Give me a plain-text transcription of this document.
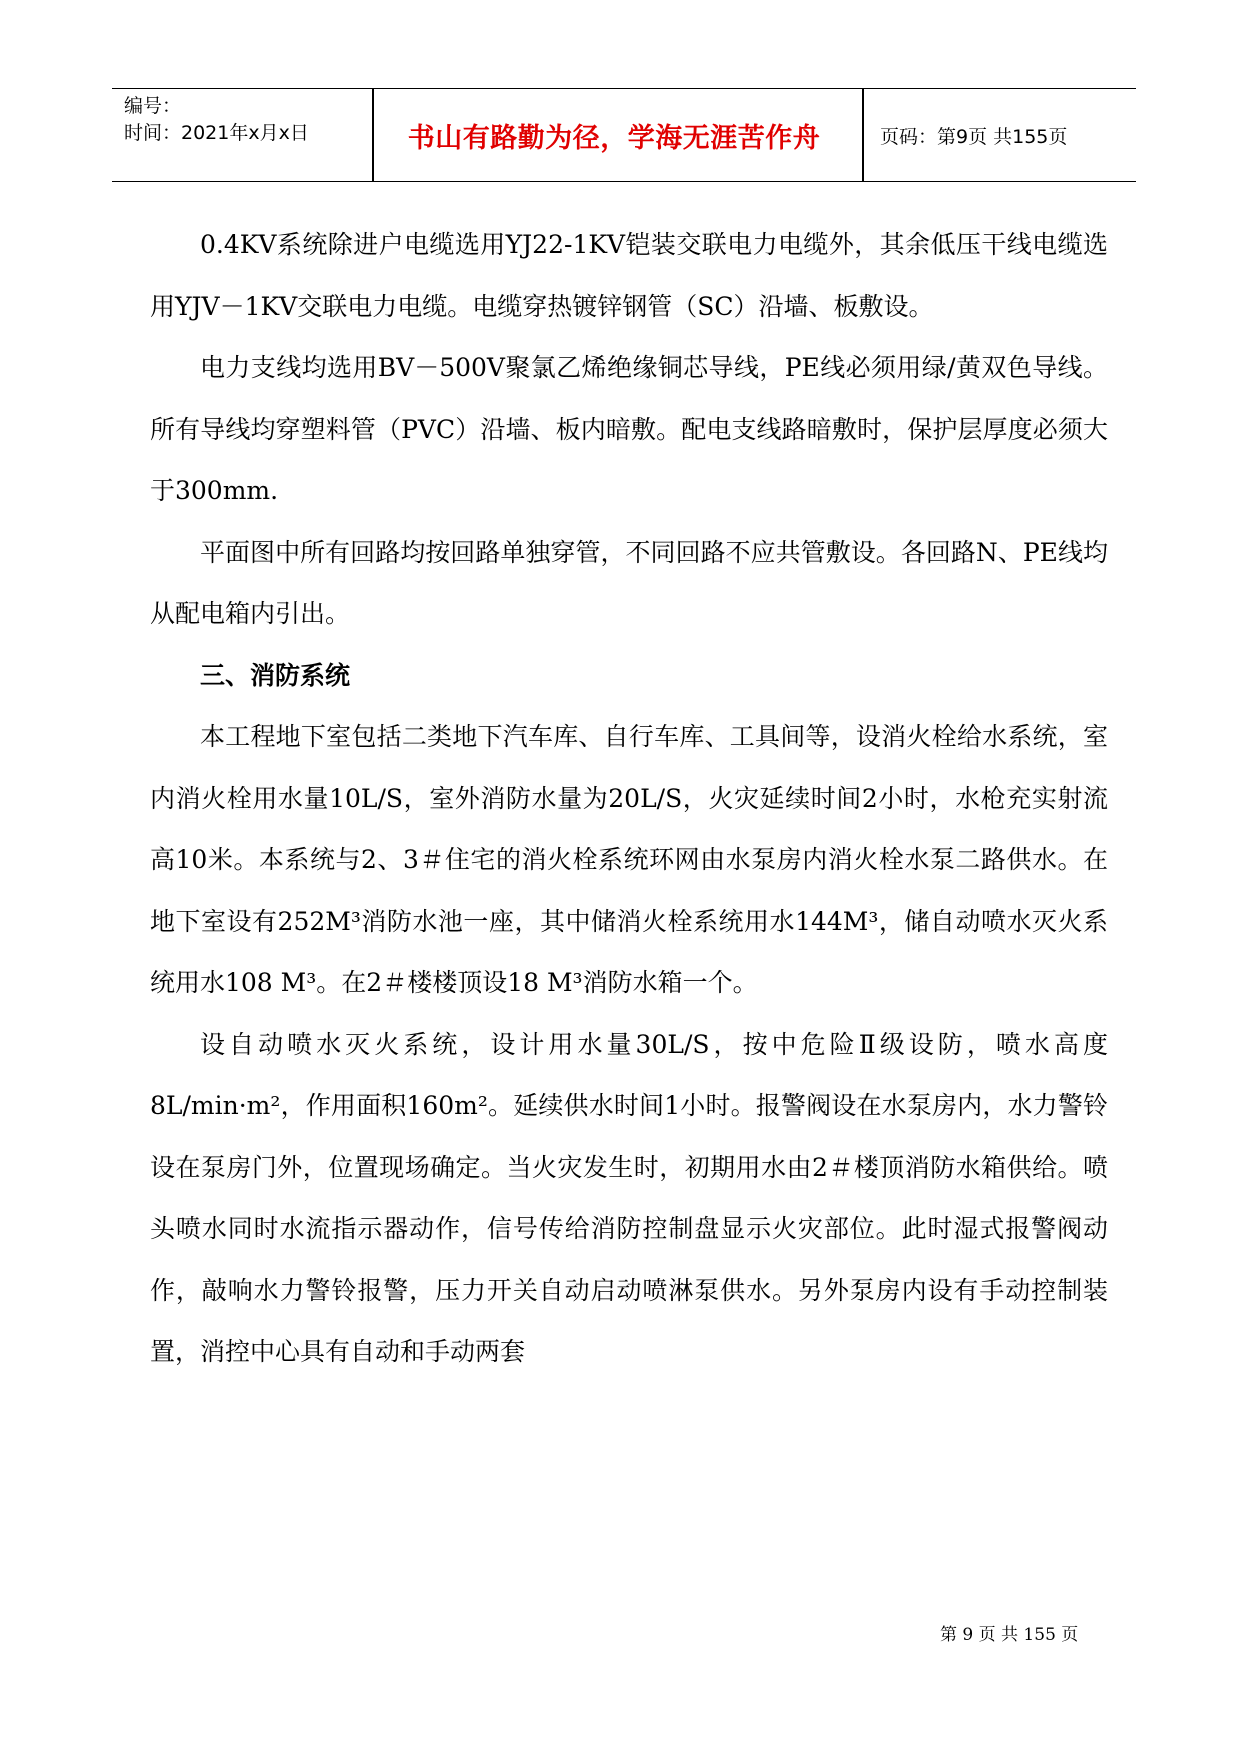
编号：
时间：2021年x月x日	书山有路勤为径，学海无涯苦作舟	页码：第9页 共155页

0.4KV系统除进户电缆选用YJ22-1KV铠装交联电力电缆外，其余低压干线电缆选用YJV－1KV交联电力电缆。电缆穿热镀锌钢管（SC）沿墙、板敷设。

电力支线均选用BV－500V聚氯乙烯绝缘铜芯导线，PE线必须用绿/黄双色导线。所有导线均穿塑料管（PVC）沿墙、板内暗敷。配电支线路暗敷时，保护层厚度必须大于300mm.

平面图中所有回路均按回路单独穿管，不同回路不应共管敷设。各回路N、PE线均从配电箱内引出。

三、消防系统

本工程地下室包括二类地下汽车库、自行车库、工具间等，设消火栓给水系统，室内消火栓用水量10L/S，室外消防水量为20L/S，火灾延续时间2小时，水枪充实射流高10米。本系统与2、3＃住宅的消火栓系统环网由水泵房内消火栓水泵二路供水。在地下室设有252M³消防水池一座，其中储消火栓系统用水144M³，储自动喷水灭火系统用水108 M³。在2＃楼楼顶设18 M³消防水箱一个。

设自动喷水灭火系统，设计用水量30L/S，按中危险Ⅱ级设防，喷水高度8L/min·m²，作用面积160m²。延续供水时间1小时。报警阀设在水泵房内，水力警铃设在泵房门外，位置现场确定。当火灾发生时，初期用水由2＃楼顶消防水箱供给。喷头喷水同时水流指示器动作，信号传给消防控制盘显示火灾部位。此时湿式报警阀动作，敲响水力警铃报警，压力开关自动启动喷淋泵供水。另外泵房内设有手动控制装置，消控中心具有自动和手动两套

第 9 页 共 155 页
